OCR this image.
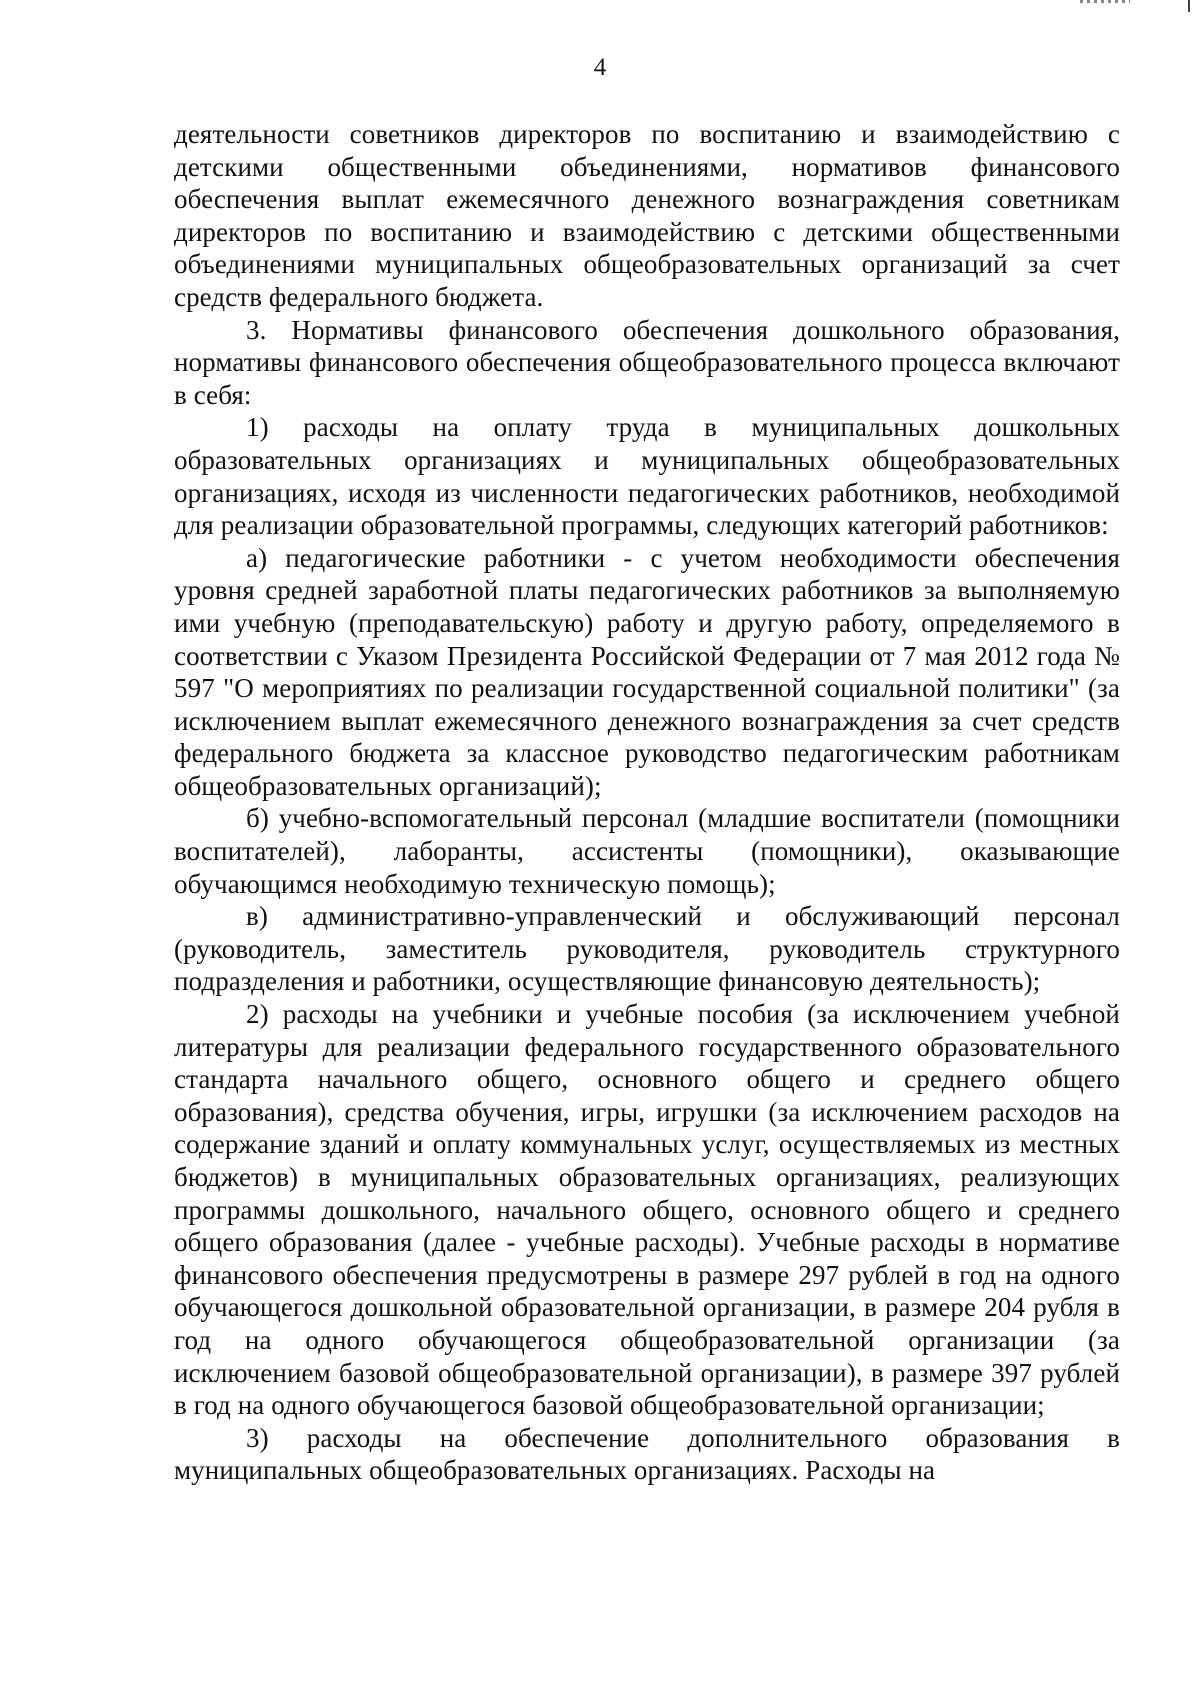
4

деятельности советников директоров по воспитанию и взаимодействию с детскими общественными объединениями, нормативов финансового обеспечения выплат ежемесячного денежного вознаграждения советникам директоров по воспитанию и взаимодействию с детскими общественными объединениями муниципальных общеобразовательных организаций за счет средств федерального бюджета.

3. Нормативы финансового обеспечения дошкольного образования, нормативы финансового обеспечения общеобразовательного процесса включают в себя:

1) расходы на оплату труда в муниципальных дошкольных образовательных организациях и муниципальных общеобразовательных организациях, исходя из численности педагогических работников, необходимой для реализации образовательной программы, следующих категорий работников:

а) педагогические работники - с учетом необходимости обеспечения уровня средней заработной платы педагогических работников за выполняемую ими учебную (преподавательскую) работу и другую работу, определяемого в соответствии с Указом Президента Российской Федерации от 7 мая 2012 года № 597 "О мероприятиях по реализации государственной социальной политики" (за исключением выплат ежемесячного денежного вознаграждения за счет средств федерального бюджета за классное руководство педагогическим работникам общеобразовательных организаций);

б) учебно-вспомогательный персонал (младшие воспитатели (помощники воспитателей), лаборанты, ассистенты (помощники), оказывающие обучающимся необходимую техническую помощь);

в) административно-управленческий и обслуживающий персонал (руководитель, заместитель руководителя, руководитель структурного подразделения и работники, осуществляющие финансовую деятельность);

2) расходы на учебники и учебные пособия (за исключением учебной литературы для реализации федерального государственного образовательного стандарта начального общего, основного общего и среднего общего образования), средства обучения, игры, игрушки (за исключением расходов на содержание зданий и оплату коммунальных услуг, осуществляемых из местных бюджетов) в муниципальных образовательных организациях, реализующих программы дошкольного, начального общего, основного общего и среднего общего образования (далее - учебные расходы). Учебные расходы в нормативе финансового обеспечения предусмотрены в размере 297 рублей в год на одного обучающегося дошкольной образовательной организации, в размере 204 рубля в год на одного обучающегося общеобразовательной организации (за исключением базовой общеобразовательной организации), в размере 397 рублей в год на одного обучающегося базовой общеобразовательной организации;

3) расходы на обеспечение дополнительного образования в муниципальных общеобразовательных организациях. Расходы на
